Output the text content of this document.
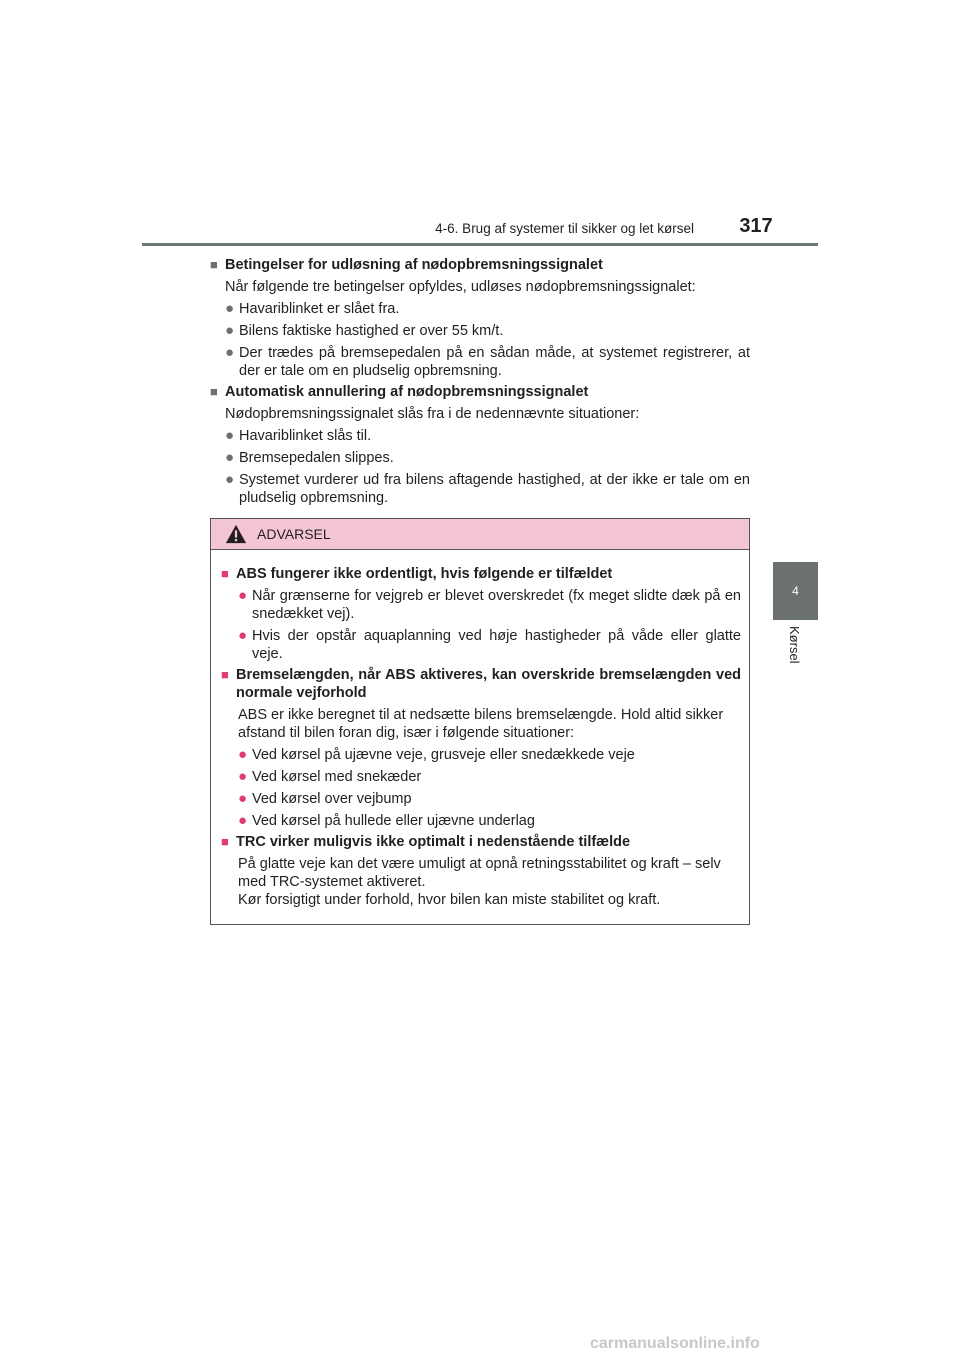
4-6. Brug af systemer til sikker og let kørsel 317
4
Kørsel
■ Betingelser for udløsning af nødopbremsningssignalet
Når følgende tre betingelser opfyldes, udløses nødopbremsningssignalet:
● Havariblinket er slået fra.
● Bilens faktiske hastighed er over 55 km/t.
● Der trædes på bremsepedalen på en sådan måde, at systemet registrerer, at der er tale om en pludselig opbremsning.
■ Automatisk annullering af nødopbremsningssignalet
Nødopbremsningssignalet slås fra i de nedennævnte situationer:
● Havariblinket slås til.
● Bremsepedalen slippes.
● Systemet vurderer ud fra bilens aftagende hastighed, at der ikke er tale om en pludselig opbremsning.
ADVARSEL
■ ABS fungerer ikke ordentligt, hvis følgende er tilfældet
● Når grænserne for vejgreb er blevet overskredet (fx meget slidte dæk på en snedækket vej).
● Hvis der opstår aquaplanning ved høje hastigheder på våde eller glatte veje.
■ Bremselængden, når ABS aktiveres, kan overskride bremselængden ved normale vejforhold
ABS er ikke beregnet til at nedsætte bilens bremselængde. Hold altid sikker afstand til bilen foran dig, især i følgende situationer:
● Ved kørsel på ujævne veje, grusveje eller snedækkede veje
● Ved kørsel med snekæder
● Ved kørsel over vejbump
● Ved kørsel på hullede eller ujævne underlag
■ TRC virker muligvis ikke optimalt i nedenstående tilfælde
På glatte veje kan det være umuligt at opnå retningsstabilitet og kraft – selv med TRC-systemet aktiveret.
Kør forsigtigt under forhold, hvor bilen kan miste stabilitet og kraft.
carmanualsonline.info
